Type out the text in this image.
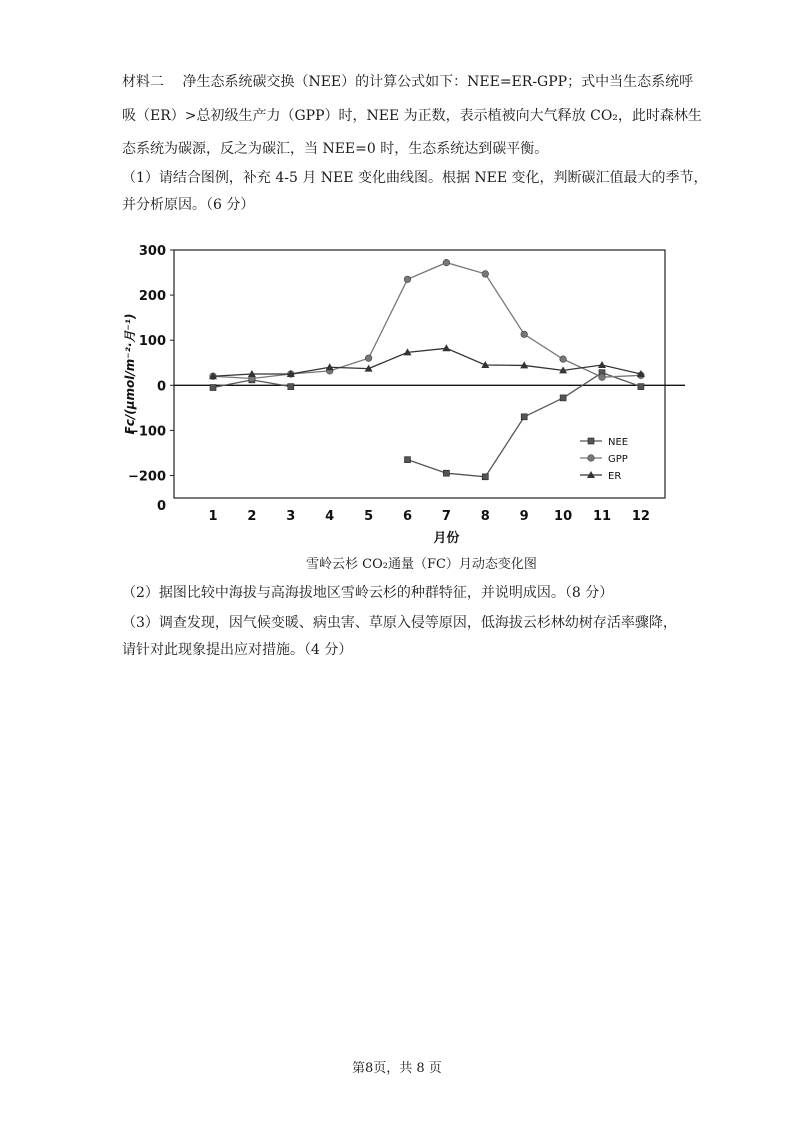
材料二　 净生态系统碳交换（NEE）的计算公式如下：NEE=ER-GPP；式中当生态系统呼
吸（ER）>总初级生产力（GPP）时，NEE 为正数，表示植被向大气释放 CO₂，此时森林生
态系统为碳源，反之为碳汇，当 NEE=0 时，生态系统达到碳平衡。
（1）请结合图例，补充 4-5 月 NEE 变化曲线图。根据 NEE 变化，判断碳汇值最大的季节，
并分析原因。（6 分）
−200
−100
0
100
200
300
0
1 2 3 4 5 6 7 8 9 10 11 12
月份
Fc/(μmol/m⁻²·月⁻¹)
NEE
GPP
ER
雪岭云杉 CO₂通量（FC）月动态变化图
（2）据图比较中海拔与高海拔地区雪岭云杉的种群特征，并说明成因。（8 分）
（3）调查发现，因气候变暖、病虫害、草原入侵等原因，低海拔云杉林幼树存活率骤降，
请针对此现象提出应对措施。（4 分）
第8页，共 8 页
